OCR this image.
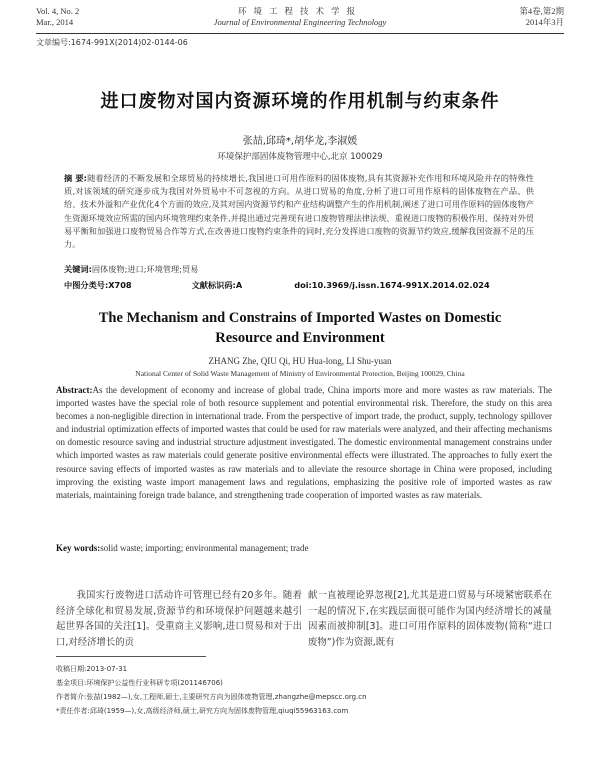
Vol. 4, No. 2
Mar., 2014
环境工程技术学报
Journal of Environmental Engineering Technology
第4卷,第2期
2014年3月
文章编号:1674-991X(2014)02-0144-06
进口废物对国内资源环境的作用机制与约束条件
张喆,邱琦*,胡华龙,李淑媛
环境保护部固体废物管理中心,北京 100029
摘 要:随着经济的不断发展和全球贸易的持续增长,我国进口可用作原料的固体废物,具有其资源补充作用和环境风险并存的特殊性质,对该领域的研究逐步成为我国对外贸易中不可忽视的方向。从进口贸易的角度,分析了进口可用作原料的固体废物在产品、供给、技术外溢和产业优化4个方面的效应,及其对国内资源节约和产业结构调整产生的作用机制,阐述了进口可用作原料的固体废物产生资源环境效应所需的国内环境管理约束条件,并提出通过完善现有进口废物管理法律法规、重视进口废物的积极作用、保持对外贸易平衡和加强进口废物贸易合作等方式,在改善进口废物约束条件的同时,充分发挥进口废物的资源节约效应,缓解我国资源不足的压力。
关键词:固体废物;进口;环境管理;贸易
中图分类号:X708	文献标识码:A	doi:10.3969/j.issn.1674-991X.2014.02.024
The Mechanism and Constrains of Imported Wastes on Domestic
Resource and Environment
ZHANG Zhe, QIU Qi, HU Hua-long, LI Shu-yuan
National Center of Solid Waste Management of Ministry of Environmental Protection, Beijing 100029, China
Abstract:As the development of economy and increase of global trade, China imports more and more wastes as raw materials. The imported wastes have the special role of both resource supplement and potential environmental risk. Therefore, the study on this area becomes a non-negligible direction in international trade. From the perspective of import trade, the product, supply, technology spillover and industrial optimization effects of imported wastes that could be used for raw materials were analyzed, and their affecting mechanisms on domestic resource saving and industrial structure adjustment investigated. The domestic environmental management constrains under which imported wastes as raw materials could generate positive environmental effects were illustrated. The approaches to fully exert the resource saving effects of imported wastes as raw materials and to alleviate the resource shortage in China were proposed, including improving the existing waste import management laws and regulations, emphasizing the positive role of imported wastes as raw materials, maintaining foreign trade balance, and strengthening trade cooperation of imported wastes as raw materials.
Key words:solid waste; importing; environmental management; trade
我国实行废物进口活动许可管理已经有20多年。随着经济全球化和贸易发展,资源节约和环境保护问题越来越引起世界各国的关注[1]。受重商主义影响,进口贸易和对于出口,对经济增长的贡
献一直被理论界忽视[2],尤其是进口贸易与环境紧密联系在一起的情况下,在实践层面很可能作为国内经济增长的减量因素而被抑制[3]。进口可用作原料的固体废物(简称“进口废物”)作为资源,既有
收稿日期:2013-07-31
基金项目:环境保护公益性行业科研专项(201146706)
作者简介:张喆(1982—),女,工程师,硕士,主要研究方向为固体废物管理,zhangzhe@mepscc.org.cn
*责任作者:邱琦(1959—),女,高级经济师,硕士,研究方向为固体废物管理,qiuqi55963163.com
